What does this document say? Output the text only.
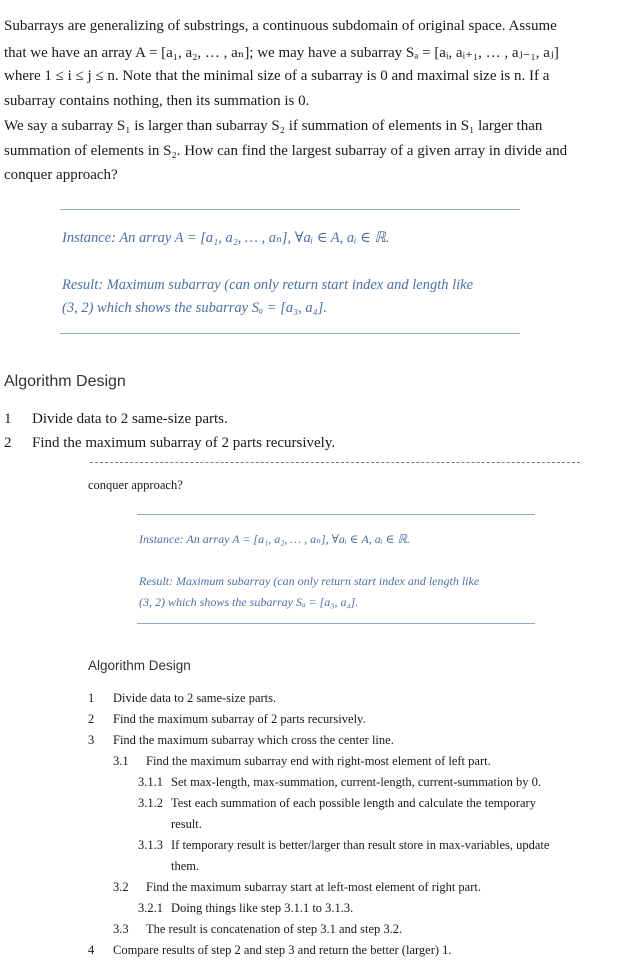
Subarrays are generalizing of substrings, a continuous subdomain of original space. Assume
that we have an array A = [a₁, a₂, … , aₙ]; we may have a subarray Sₐ = [aᵢ, aᵢ₊₁, … , aⱼ₋₁, aⱼ]
where 1 ≤ i ≤ j ≤ n. Note that the minimal size of a subarray is 0 and maximal size is n. If a
subarray contains nothing, then its summation is 0.
We say a subarray S₁ is larger than subarray S₂ if summation of elements in S₁ larger than
summation of elements in S₂. How can find the largest subarray of a given array in divide and
conquer approach?
Instance: An array A = [a₁, a₂, … , aₙ], ∀aᵢ ∈ A, aᵢ ∈ ℝ.
Result: Maximum subarray (can only return start index and length like
(3, 2) which shows the subarray Sₐ = [a₃, a₄].
Algorithm Design
1 Divide data to 2 same-size parts.
2 Find the maximum subarray of 2 parts recursively.
conquer approach?
Instance: An array A = [a₁, a₂, … , aₙ], ∀aᵢ ∈ A, aᵢ ∈ ℝ.
Result: Maximum subarray (can only return start index and length like
(3, 2) which shows the subarray Sₐ = [a₃, a₄].
Algorithm Design
1 Divide data to 2 same-size parts.
2 Find the maximum subarray of 2 parts recursively.
3 Find the maximum subarray which cross the center line.
3.1 Find the maximum subarray end with right-most element of left part.
3.1.1 Set max-length, max-summation, current-length, current-summation by 0.
3.1.2 Test each summation of each possible length and calculate the temporary
result.
3.1.3 If temporary result is better/larger than result store in max-variables, update
them.
3.2 Find the maximum subarray start at left-most element of right part.
3.2.1 Doing things like step 3.1.1 to 3.1.3.
3.3 The result is concatenation of step 3.1 and step 3.2.
4 Compare results of step 2 and step 3 and return the better (larger) 1.
